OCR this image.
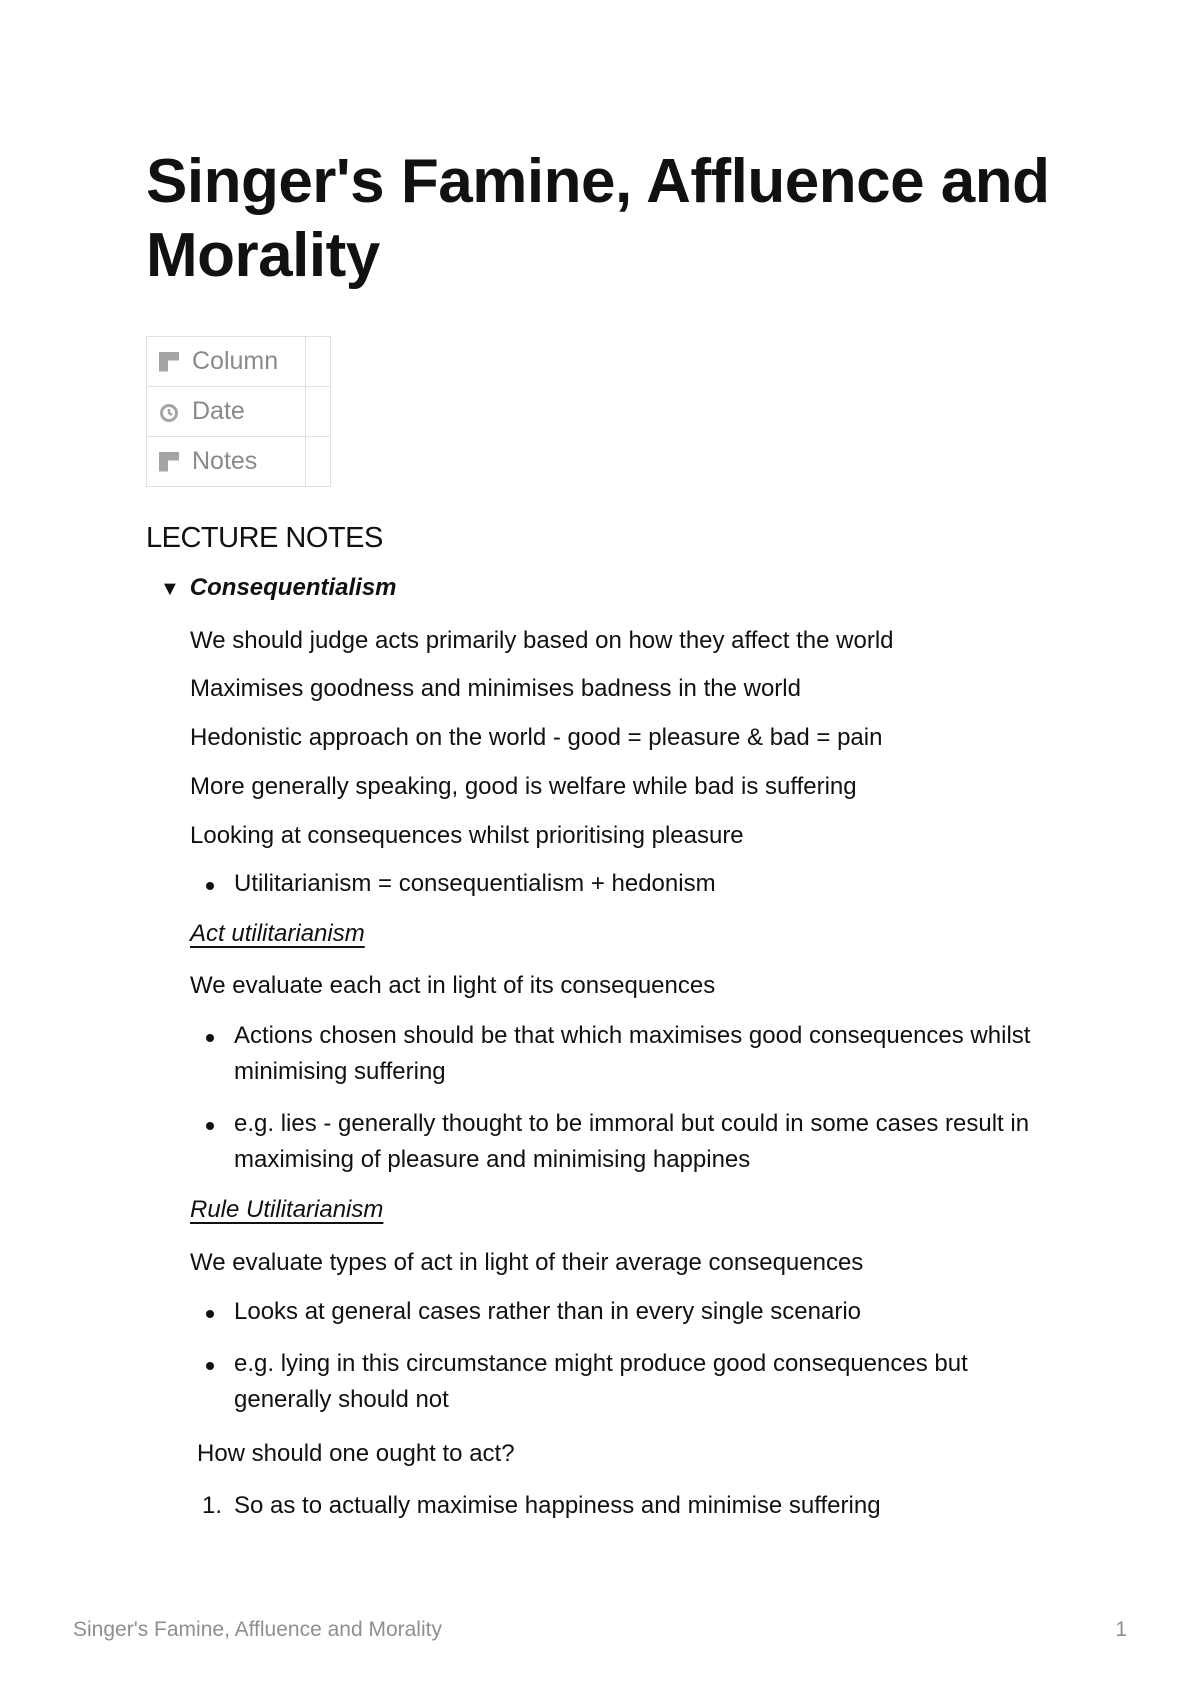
Singer's Famine, Affluence and Morality
Column	

Date	

Notes	

LECTURE NOTES
▼ Consequentialism
We should judge acts primarily based on how they affect the world
Maximises goodness and minimises badness in the world
Hedonistic approach on the world - good = pleasure & bad = pain
More generally speaking, good is welfare while bad is suffering
Looking at consequences whilst prioritising pleasure
Utilitarianism = consequentialism + hedonism
Act utilitarianism
We evaluate each act in light of its consequences
Actions chosen should be that which maximises good consequences whilst minimising suffering
e.g. lies - generally thought to be immoral but could in some cases result in maximising of pleasure and minimising happines
Rule Utilitarianism
We evaluate types of act in light of their average consequences
Looks at general cases rather than in every single scenario
e.g. lying in this circumstance might produce good consequences but generally should not
How should one ought to act?
1. So as to actually maximise happiness and minimise suffering
Singer's Famine, Affluence and Morality	1
